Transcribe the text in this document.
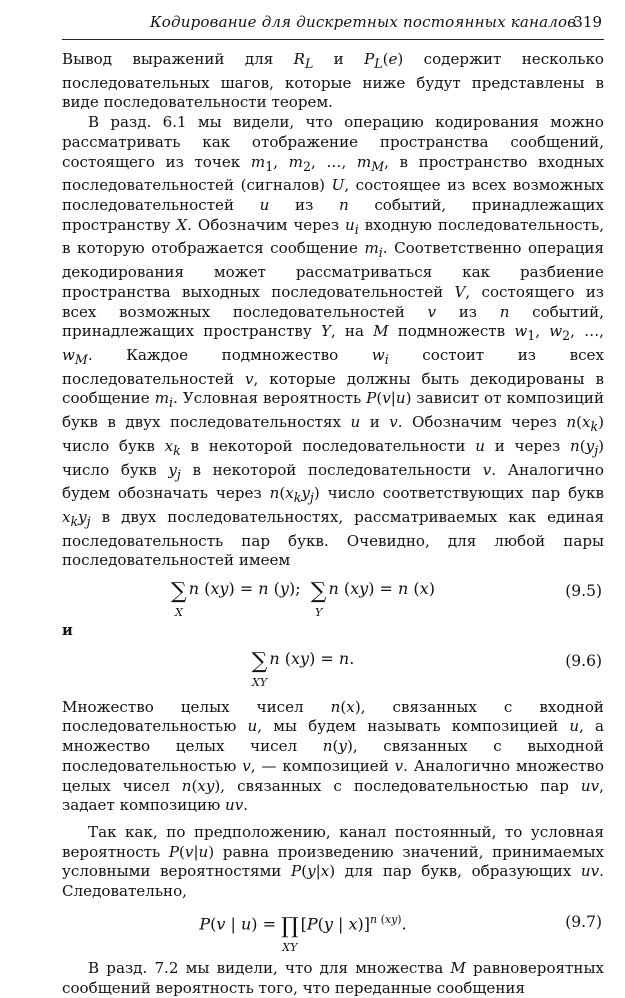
Кодирование для дискретных постоянных каналов
319

Вывод выражений для $R_L$ и $P_L(e)$ содержит несколько последовательных шагов, которые ниже будут представлены в виде последовательности теорем.

В разд. 6.1 мы видели, что операцию кодирования можно рассматривать как отображение пространства сообщений, состоящего из точек $m_1$, $m_2$, …, $m_M$, в пространство входных последовательностей (сигналов) U, состоящее из всех возможных последовательностей u из n событий, принадлежащих пространству X. Обозначим через $u_i$ входную последовательность, в которую отображается сообщение $m_i$. Соответственно операция декодирования может рассматриваться как разбиение пространства выходных последовательностей V, состоящего из всех возможных последовательностей v из n событий, принадлежащих пространству Y, на M подмножеств $w_1$, $w_2$, …, $w_M$. Каждое подмножество $w_i$ состоит из всех последовательностей v, которые должны быть декодированы в сообщение $m_i$. Условная вероятность P(v|u) зависит от композиций букв в двух последовательностях u и v. Обозначим через $n(x_k)$ число букв $x_k$ в некоторой последовательности u и через $n(y_j)$ число букв $y_j$ в некоторой последовательности v. Аналогично будем обозначать через $n(x_ky_j)$ число соответствующих пар букв $x_ky_j$ в двух последовательностях, рассматриваемых как единая последовательность пар букв. Очевидно, для любой пары последовательностей имеем

∑
X
n (xy) = n (y);  ∑
Y
n (xy) = n (x)	(9.5)

и

∑
XY
n (xy) = n.	(9.6)

Множество целых чисел n(x), связанных с входной последовательностью u, мы будем называть композицией u, а множество целых чисел n(y), связанных с выходной последовательностью v, — композицией v. Аналогично множество целых чисел n(xy), связанных с последовательностью пар uv, задает композицию uv.

Так как, по предположению, канал постоянный, то условная вероятность P(v|u) равна произведению значений, принимаемых условными вероятностями P(y|x) для пар букв, образующих uv. Следовательно,

P(v | u) = ∏
XY
[P(y | x)]$^{n (xy)}$.	(9.7)

В разд. 7.2 мы видели, что для множества M равновероятных сообщений вероятность того, что переданные сообщения
